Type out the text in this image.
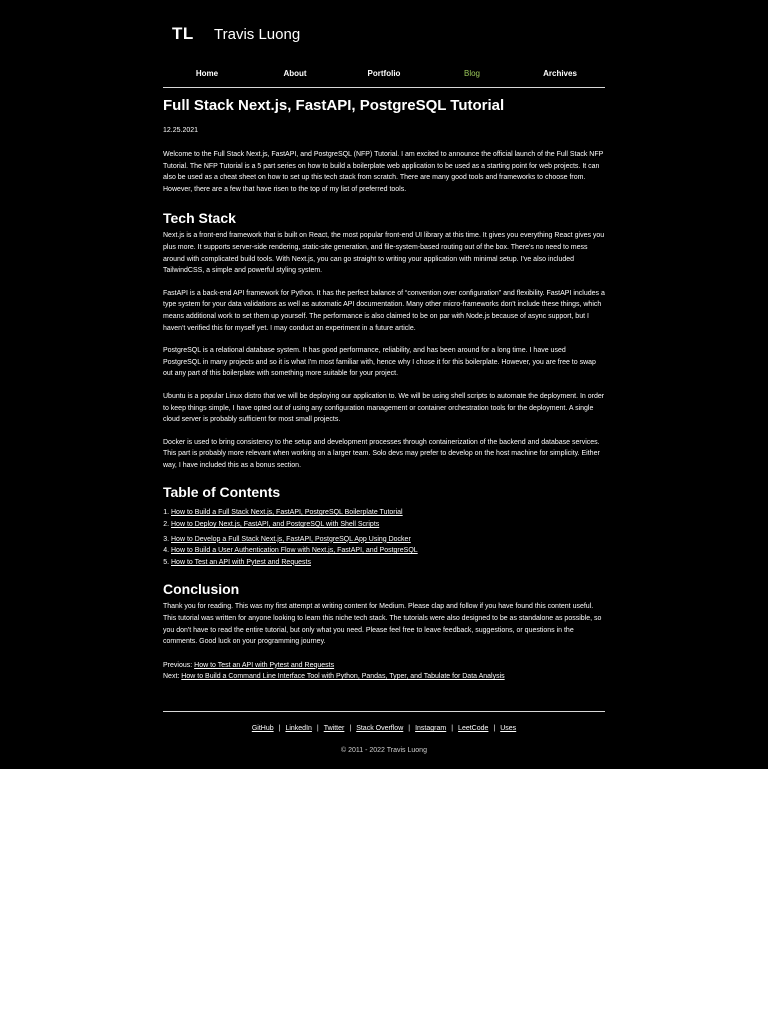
TL	Travis Luong
Home	About	Portfolio	Blog	Archives
Full Stack Next.js, FastAPI, PostgreSQL Tutorial
12.25.2021

Welcome to the Full Stack Next.js, FastAPI, and PostgreSQL (NFP) Tutorial. I am excited to announce the official launch of the Full Stack NFP Tutorial. The NFP Tutorial is a 5 part series on how to build a boilerplate web application to be used as a starting point for web projects. It can also be used as a cheat sheet on how to set up this tech stack from scratch. There are many good tools and frameworks to choose from. However, there are a few that have risen to the top of my list of preferred tools.

Tech Stack

Next.js is a front-end framework that is built on React, the most popular front-end UI library at this time. It gives you everything React gives you plus more. It supports server-side rendering, static-site generation, and file-system-based routing out of the box. There's no need to mess around with complicated build tools. With Next.js, you can go straight to writing your application with minimal setup. I've also included TailwindCSS, a simple and powerful styling system.

FastAPI is a back-end API framework for Python. It has the perfect balance of “convention over configuration” and flexibility. FastAPI includes a type system for your data validations as well as automatic API documentation. Many other micro-frameworks don't include these things, which means additional work to set them up yourself. The performance is also claimed to be on par with Node.js because of async support, but I haven't verified this for myself yet. I may conduct an experiment in a future article.

PostgreSQL is a relational database system. It has good performance, reliability, and has been around for a long time. I have used PostgreSQL in many projects and so it is what I'm most familiar with, hence why I chose it for this boilerplate. However, you are free to swap out any part of this boilerplate with something more suitable for your project.

Ubuntu is a popular Linux distro that we will be deploying our application to. We will be using shell scripts to automate the deployment. In order to keep things simple, I have opted out of using any configuration management or container orchestration tools for the deployment. A single cloud server is probably sufficient for most small projects.

Docker is used to bring consistency to the setup and development processes through containerization of the backend and database services. This part is probably more relevant when working on a larger team. Solo devs may prefer to develop on the host machine for simplicity. Either way, I have included this as a bonus section.

Table of Contents
1. How to Build a Full Stack Next.js, FastAPI, PostgreSQL Boilerplate Tutorial
2. How to Deploy Next.js, FastAPI, and PostgreSQL with Shell Scripts
3. How to Develop a Full Stack Next.js, FastAPI, PostgreSQL App Using Docker
4. How to Build a User Authentication Flow with Next.js, FastAPI, and PostgreSQL
5. How to Test an API with Pytest and Requests
Conclusion

Thank you for reading. This was my first attempt at writing content for Medium. Please clap and follow if you have found this content useful. This tutorial was written for anyone looking to learn this niche tech stack. The tutorials were also designed to be as standalone as possible, so you don't have to read the entire tutorial, but only what you need. Please feel free to leave feedback, suggestions, or questions in the comments. Good luck on your programming journey.

Previous: How to Test an API with Pytest and Requests
Next: How to Build a Command Line Interface Tool with Python, Pandas, Typer, and Tabulate for Data Analysis
GitHub | LinkedIn | Twitter | Stack Overflow | Instagram | LeetCode | Uses
© 2011 - 2022 Travis Luong
